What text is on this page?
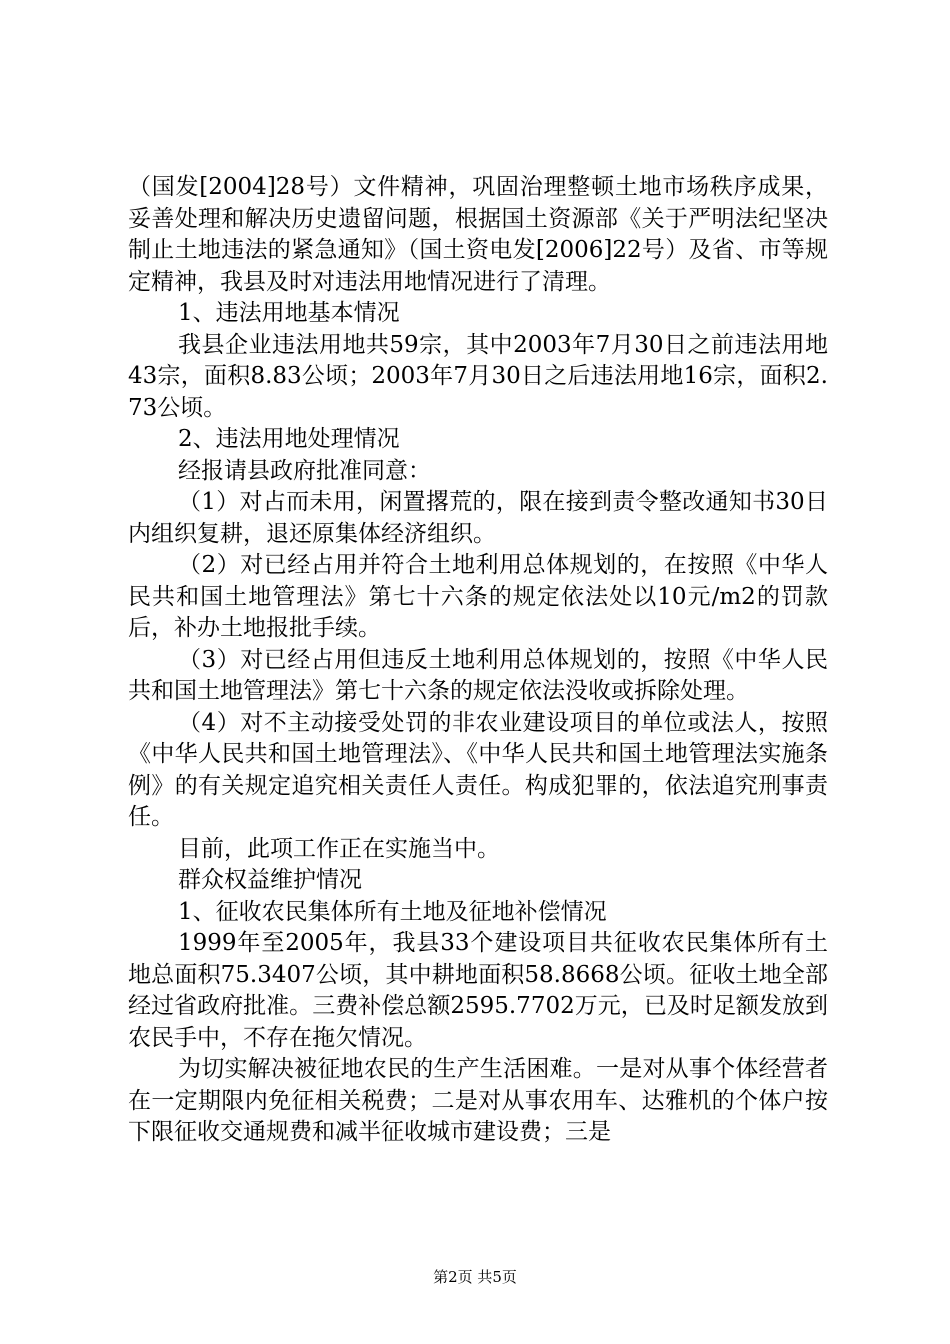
（国发[2004]28号）文件精神，巩固治理整顿土地市场秩序成果，妥善处理和解决历史遗留问题，根据国土资源部《关于严明法纪坚决制止土地违法的紧急通知》（国土资电发[2006]22号）及省、市等规定精神，我县及时对违法用地情况进行了清理。

1、违法用地基本情况

我县企业违法用地共59宗，其中2003年7月30日之前违法用地43宗，面积8.83公顷；2003年7月30日之后违法用地16宗，面积2.73公顷。

2、违法用地处理情况

经报请县政府批准同意：

（1）对占而未用，闲置撂荒的，限在接到责令整改通知书30日内组织复耕，退还原集体经济组织。

（2）对已经占用并符合土地利用总体规划的，在按照《中华人民共和国土地管理法》第七十六条的规定依法处以10元/m2的罚款后，补办土地报批手续。

（3）对已经占用但违反土地利用总体规划的，按照《中华人民共和国土地管理法》第七十六条的规定依法没收或拆除处理。

（4）对不主动接受处罚的非农业建设项目的单位或法人，按照《中华人民共和国土地管理法》、《中华人民共和国土地管理法实施条例》的有关规定追究相关责任人责任。构成犯罪的，依法追究刑事责任。

目前，此项工作正在实施当中。

群众权益维护情况

1、征收农民集体所有土地及征地补偿情况

1999年至2005年，我县33个建设项目共征收农民集体所有土地总面积75.3407公顷，其中耕地面积58.8668公顷。征收土地全部经过省政府批准。三费补偿总额2595.7702万元，已及时足额发放到农民手中，不存在拖欠情况。

为切实解决被征地农民的生产生活困难。一是对从事个体经营者在一定期限内免征相关税费；二是对从事农用车、达雅机的个体户按下限征收交通规费和减半征收城市建设费；三是

第2页 共5页
